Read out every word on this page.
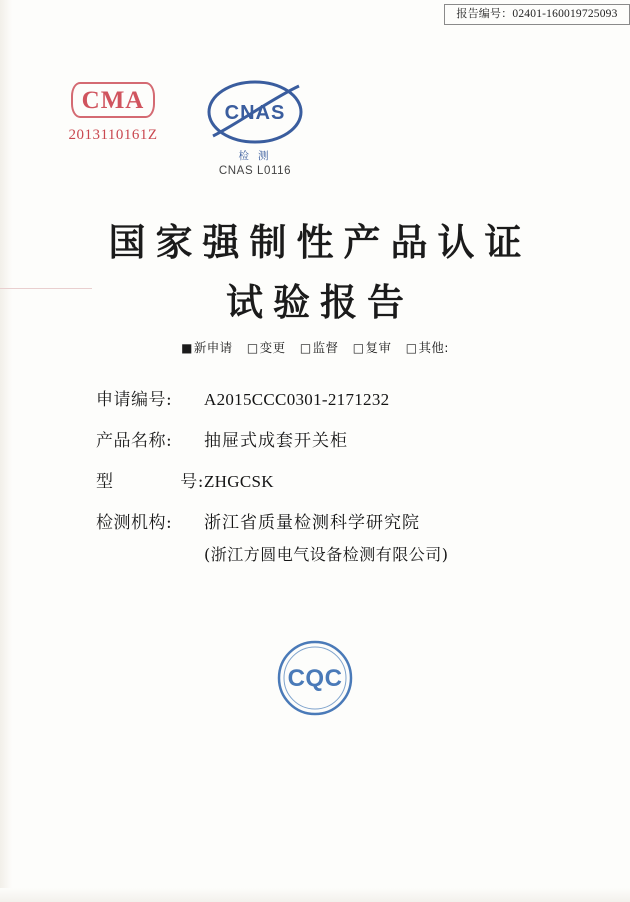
报告编号：02401-160019725093
CMA
2013110161Z
CNAS
检 测
CNAS L0116
国家强制性产品认证
试验报告
■新申请 □变更 □监督 □复审 □其他:
申请编号:	A2015CCC0301-2171232
产品名称:	抽屉式成套开关柜
型	号: ZHGCSK
检测机构:	浙江省质量检测科学研究院
(浙江方圆电气设备检测有限公司)
CQC
